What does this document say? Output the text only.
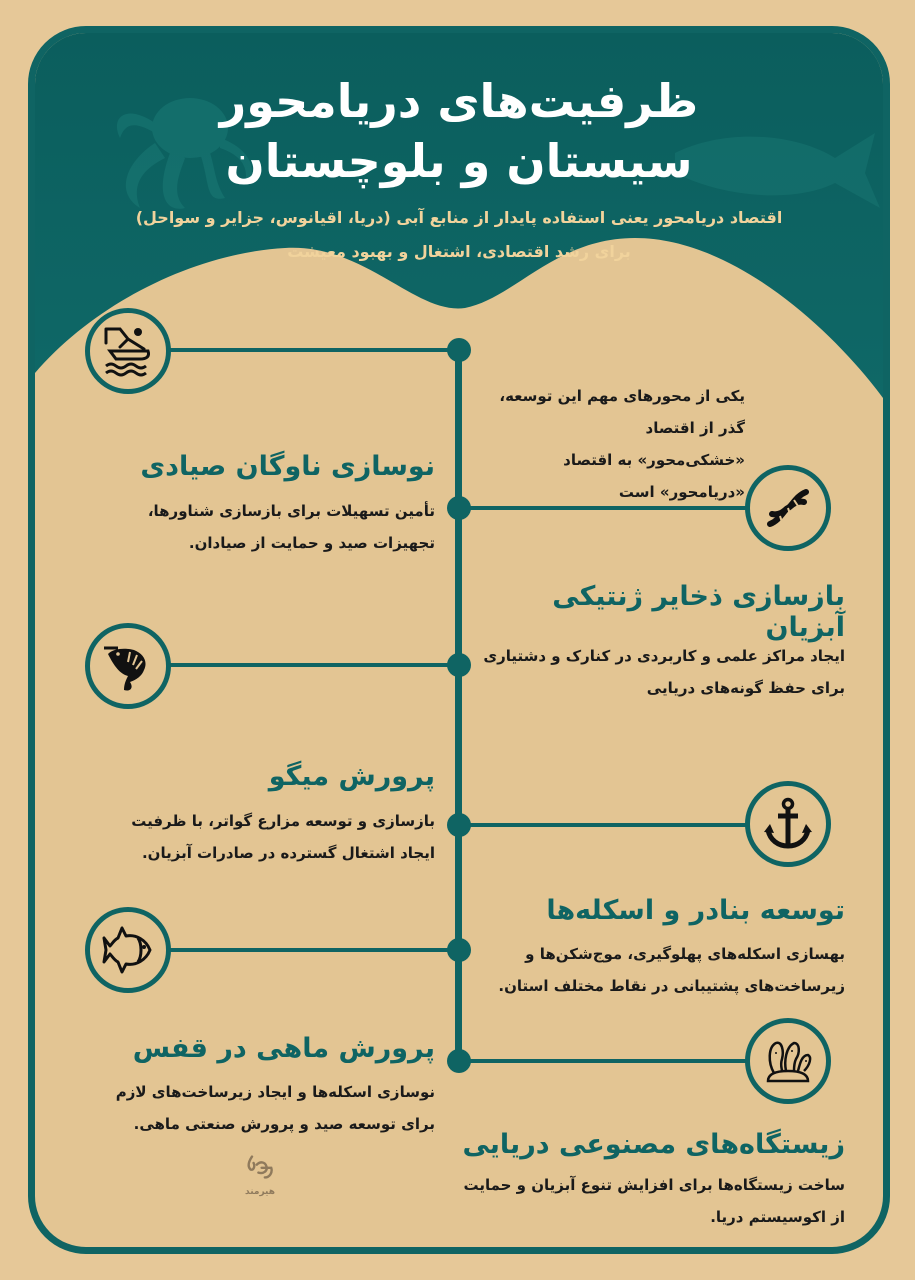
ظرفیت‌های دریامحور
سیستان و بلوچستان
اقتصاد دریامحور یعنی استفاده پایدار از منابع آبی (دریا، اقیانوس، جزایر و سواحل)
برای رشد اقتصادی، اشتغال و بهبود معیشت
یکی از محورهای مهم این توسعه، گذر از اقتصاد
«خشکی‌محور» به اقتصاد «دریامحور» است
نوسازی ناوگان صیادی
تأمین تسهیلات برای بازسازی شناورها،
تجهیزات صید و حمایت از صیادان.
بازسازی ذخایر ژنتیکی آبزیان
ایجاد مراکز علمی و کاربردی در کنارک و دشتیاری
برای حفظ گونه‌های دریایی
پرورش میگو
بازسازی و توسعه مزارع گواتر، با ظرفیت
ایجاد اشتغال گسترده در صادرات آبزیان.
توسعه بنادر و اسکله‌ها
بهسازی اسکله‌های پهلوگیری، موج‌شکن‌ها و
زیرساخت‌های پشتیبانی در نقاط مختلف استان.
پرورش ماهی در قفس
نوسازی اسکله‌ها و ایجاد زیرساخت‌های لازم
برای توسعه صید و پرورش صنعتی ماهی.
زیستگاه‌های مصنوعی دریایی
ساخت زیستگاه‌ها برای افزایش تنوع آبزیان و حمایت
از اکوسیستم دریا.
هیرمند
